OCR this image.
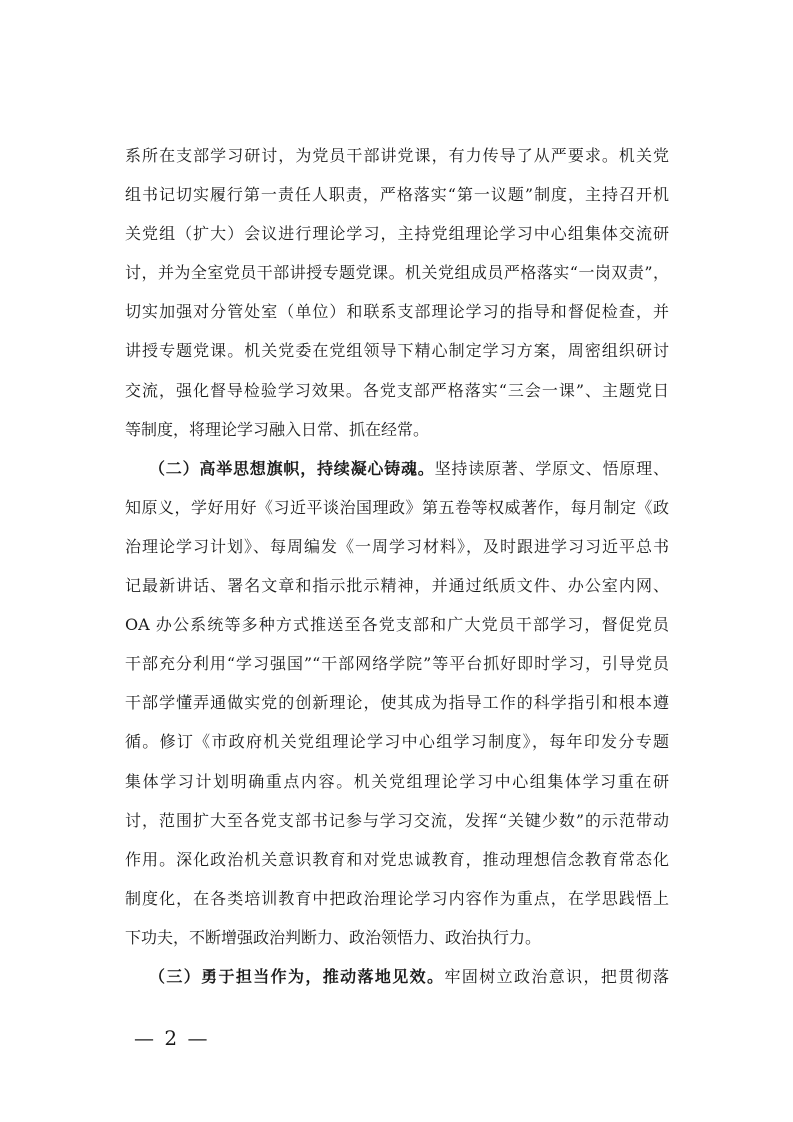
系所在支部学习研讨，为党员干部讲党课，有力传导了从严要求。机关党
组书记切实履行第一责任人职责，严格落实“第一议题”制度，主持召开机
关党组（扩大）会议进行理论学习，主持党组理论学习中心组集体交流研
讨，并为全室党员干部讲授专题党课。机关党组成员严格落实“一岗双责”，
切实加强对分管处室（单位）和联系支部理论学习的指导和督促检查，并
讲授专题党课。机关党委在党组领导下精心制定学习方案，周密组织研讨
交流，强化督导检验学习效果。各党支部严格落实“三会一课”、主题党日
等制度，将理论学习融入日常、抓在经常。
（二）高举思想旗帜，持续凝心铸魂。坚持读原著、学原文、悟原理、
知原义，学好用好《习近平谈治国理政》第五卷等权威著作，每月制定《政
治理论学习计划》、每周编发《一周学习材料》，及时跟进学习习近平总书
记最新讲话、署名文章和指示批示精神，并通过纸质文件、办公室内网、
OA 办公系统等多种方式推送至各党支部和广大党员干部学习，督促党员
干部充分利用“学习强国”“干部网络学院”等平台抓好即时学习，引导党员
干部学懂弄通做实党的创新理论，使其成为指导工作的科学指引和根本遵
循。修订《市政府机关党组理论学习中心组学习制度》，每年印发分专题
集体学习计划明确重点内容。机关党组理论学习中心组集体学习重在研
讨，范围扩大至各党支部书记参与学习交流，发挥“关键少数”的示范带动
作用。深化政治机关意识教育和对党忠诚教育，推动理想信念教育常态化
制度化，在各类培训教育中把政治理论学习内容作为重点，在学思践悟上
下功夫，不断增强政治判断力、政治领悟力、政治执行力。
（三）勇于担当作为，推动落地见效。牢固树立政治意识，把贯彻落
— 2 —
